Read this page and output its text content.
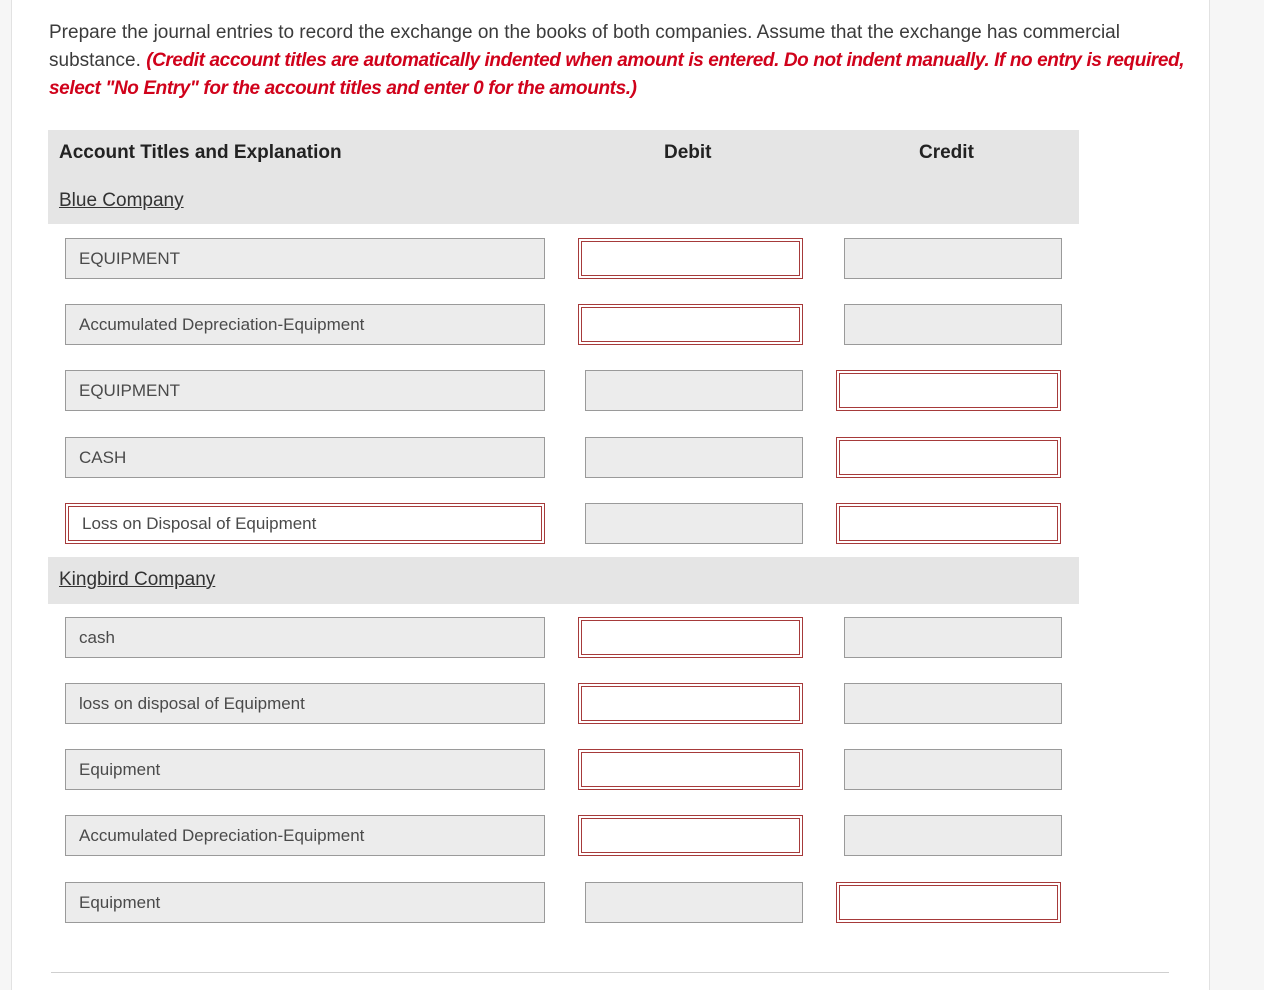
Prepare the journal entries to record the exchange on the books of both companies. Assume that the exchange has commercial substance. (Credit account titles are automatically indented when amount is entered. Do not indent manually. If no entry is required, select "No Entry" for the account titles and enter 0 for the amounts.)
Account Titles and Explanation	Debit	Credit
Blue Company
Kingbird Company
EQUIPMENT
Accumulated Depreciation-Equipment
EQUIPMENT
CASH
Loss on Disposal of Equipment
cash
loss on disposal of Equipment
Equipment
Accumulated Depreciation-Equipment
Equipment
